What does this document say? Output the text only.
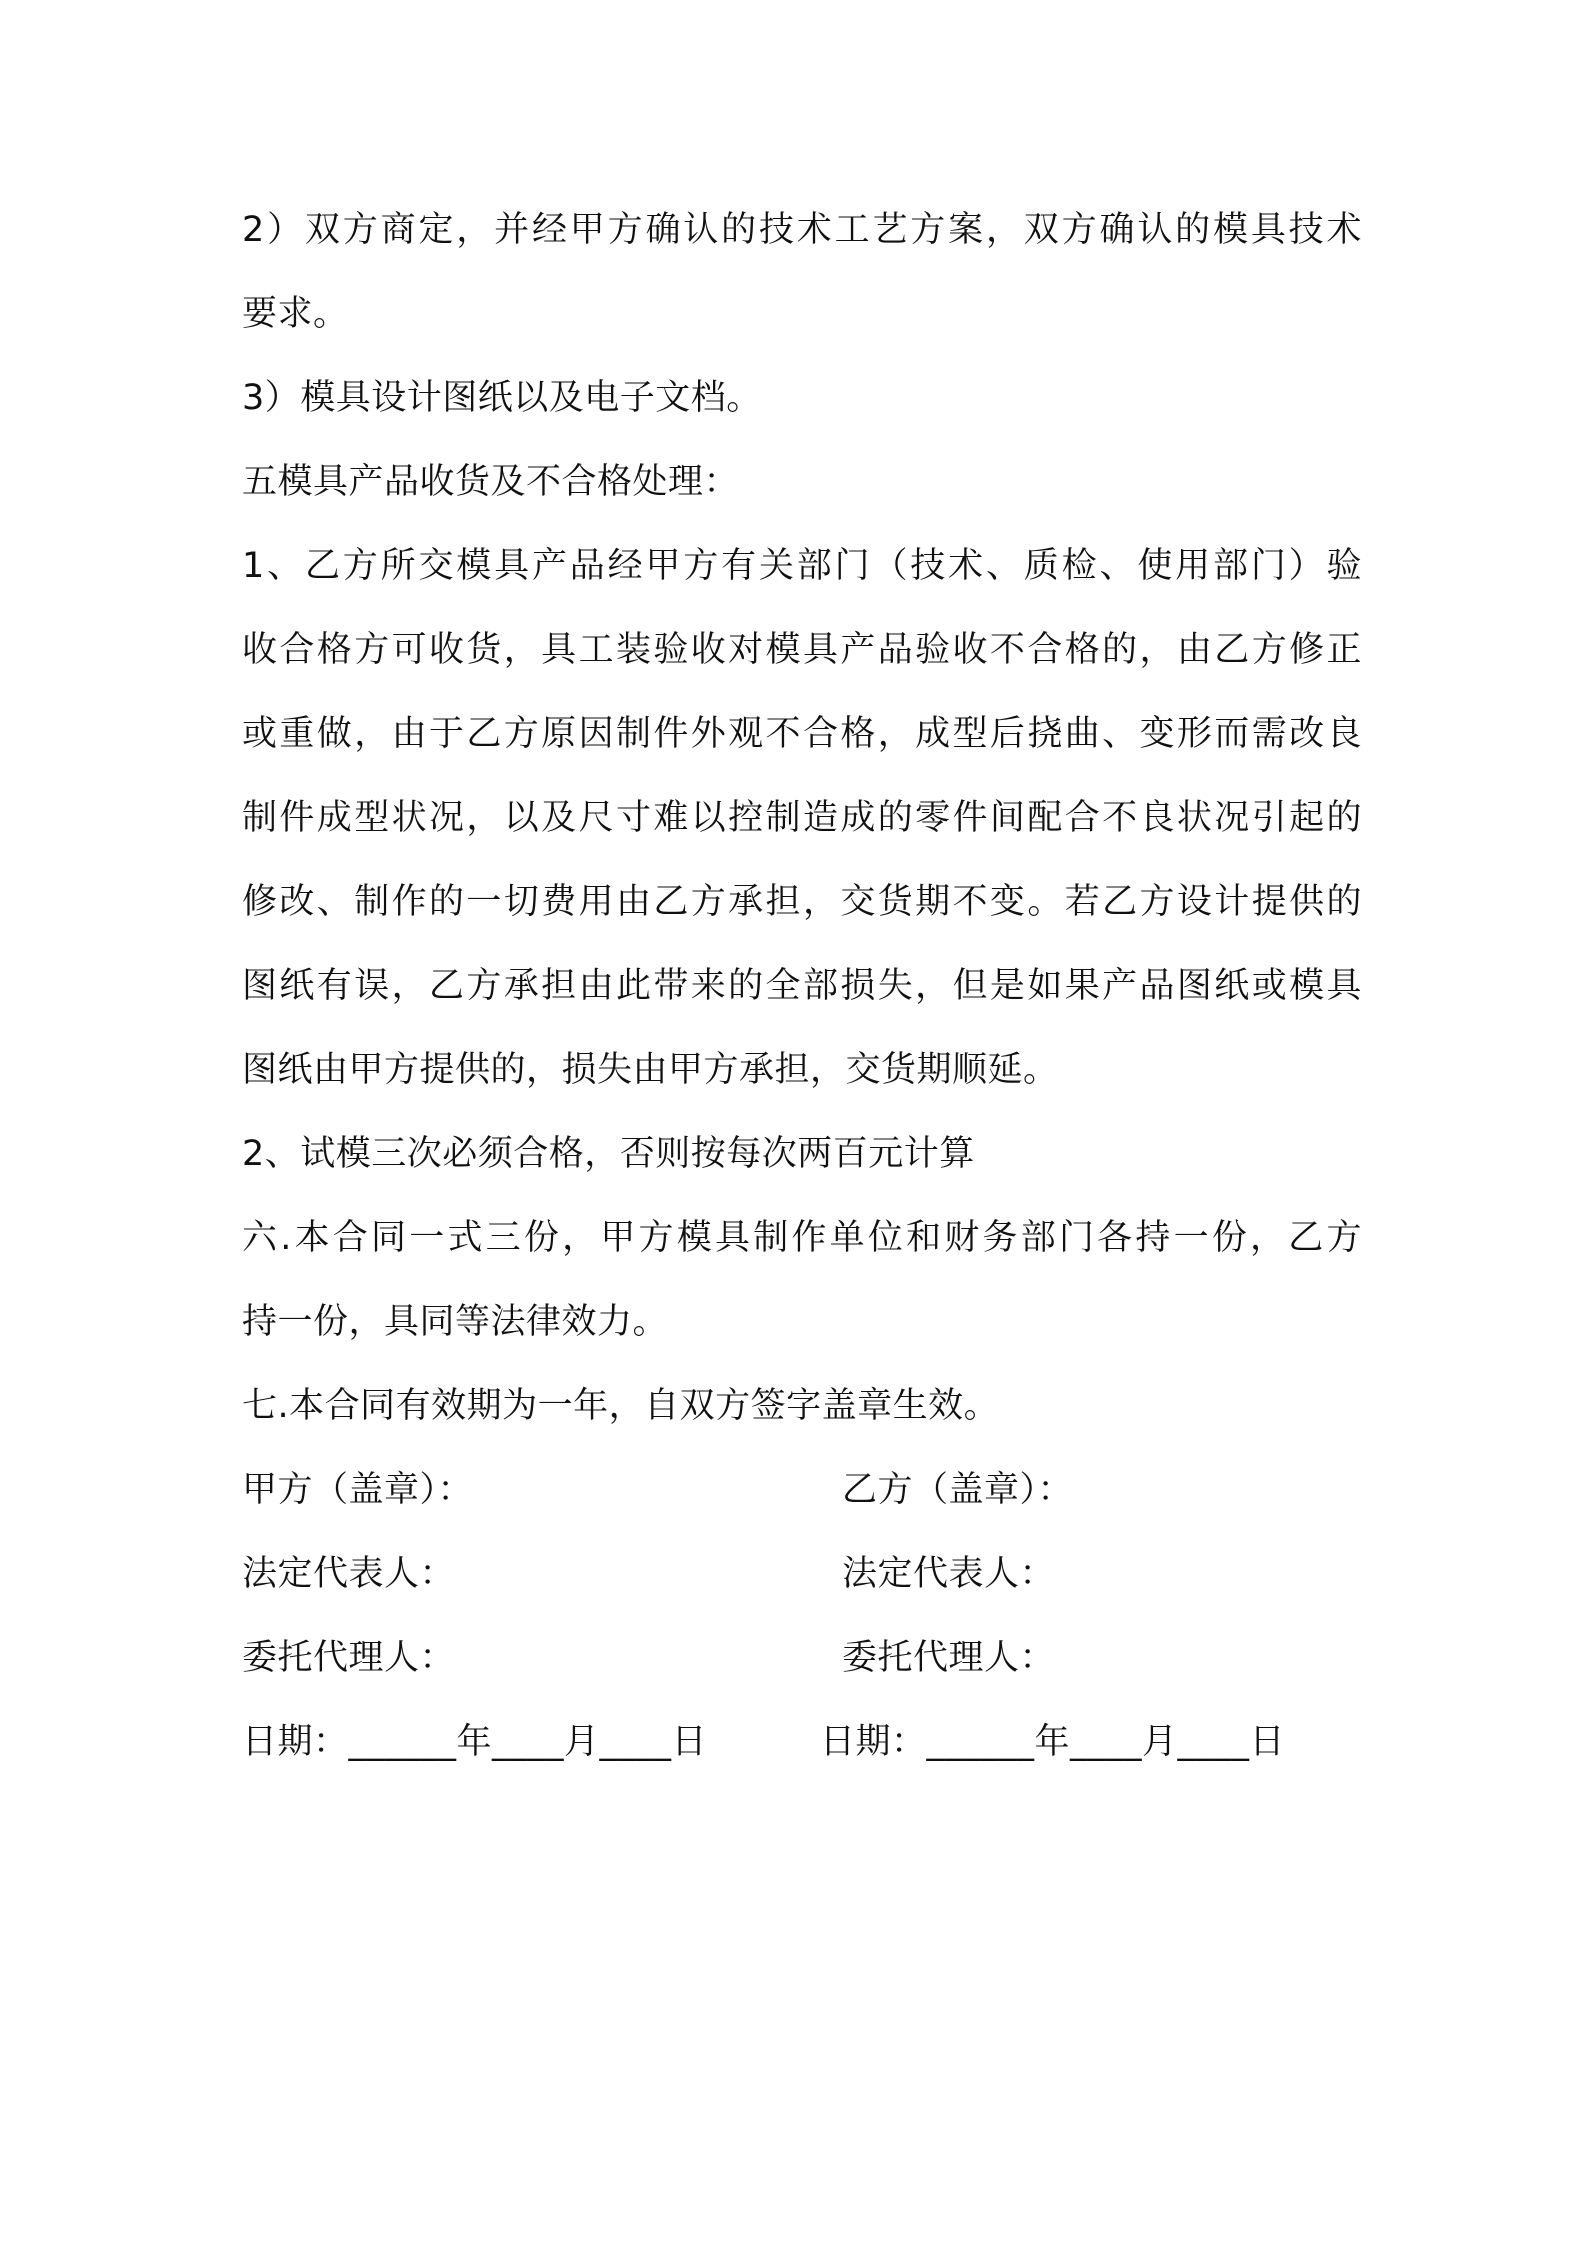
2）双方商定，并经甲方确认的技术工艺方案，双方确认的模具技术
要求。
3）模具设计图纸以及电子文档。
五模具产品收货及不合格处理：
1、乙方所交模具产品经甲方有关部门（技术、质检、使用部门）验
收合格方可收货，具工装验收对模具产品验收不合格的，由乙方修正
或重做，由于乙方原因制件外观不合格，成型后挠曲、变形而需改良
制件成型状况，以及尺寸难以控制造成的零件间配合不良状况引起的
修改、制作的一切费用由乙方承担，交货期不变。若乙方设计提供的
图纸有误，乙方承担由此带来的全部损失，但是如果产品图纸或模具
图纸由甲方提供的，损失由甲方承担，交货期顺延。
2、试模三次必须合格，否则按每次两百元计算
六.本合同一式三份，甲方模具制作单位和财务部门各持一份，乙方
持一份，具同等法律效力。
七.本合同有效期为一年，自双方签字盖章生效。
甲方（盖章）：	乙方（盖章）：
法定代表人：	法定代表人：
委托代理人：	委托代理人：
日期：______年____月____日	日期：______年____月____日
